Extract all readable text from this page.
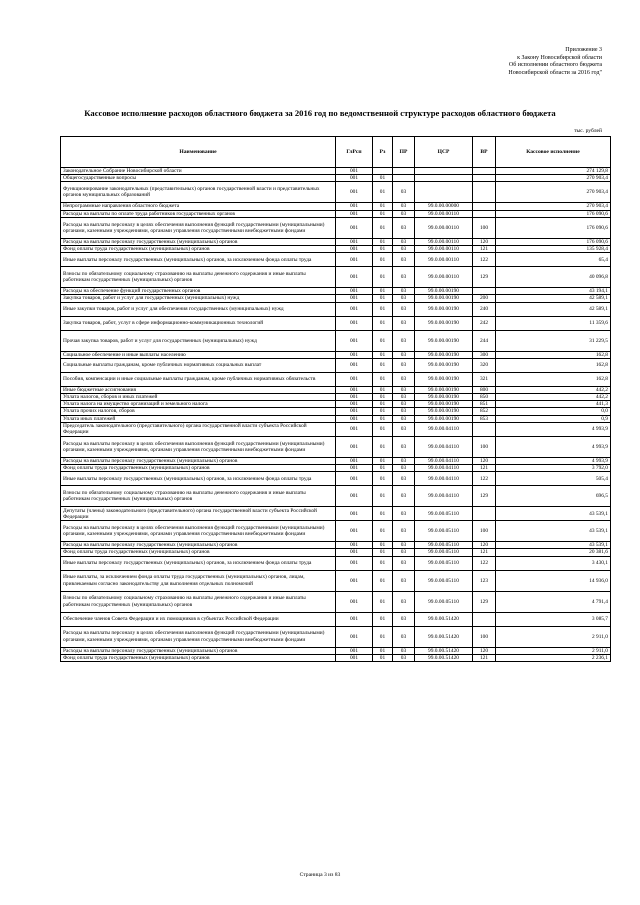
Приложение 3
к Закону Новосибирской области
Об исполнении областного бюджета
Новосибирской области за 2016 год"
Кассовое исполнение расходов областного бюджета за 2016 год по ведомственной структуре расходов областного бюджета
тыс. рублей
Наименование	ГлРсп	Рз	ПР	ЦСР	ВР	Кассовое исполнение
Законодательное Собрание Новосибирской области	001					274 129,8
Общегосударственные вопросы	001	01				270 903,4
Функционирование законодательных (представительных) органов государственной власти и представительных органов муниципальных образований	001	01	03			270 903,4
Непрограммные направления областного бюджета	001	01	03	99.0.00.00000		270 903,4
Расходы на выплаты по оплате труда работников государственных органов	001	01	03	99.0.00.00110		176 090,6
Расходы на выплаты персоналу в целях обеспечения выполнения функций государственными (муниципальными) органами, казенными учреждениями, органами управления государственными внебюджетными фондами	001	01	03	99.0.00.00110	100	176 090,6
Расходы на выплаты персоналу государственных (муниципальных) органов	001	01	03	99.0.00.00110	120	176 090,6
Фонд оплаты труда государственных (муниципальных) органов	001	01	03	99.0.00.00110	121	135 928,4
Иные выплаты персоналу государственных (муниципальных) органов, за исключением фонда оплаты труда	001	01	03	99.0.00.00110	122	65,4
Взносы по обязательному социальному страхованию на выплаты денежного содержания и иные выплаты работникам государственных (муниципальных) органов	001	01	03	99.0.00.00110	129	40 096,8
Расходы на обеспечение функций государственных органов	001	01	03	99.0.00.00190		43 194,1
Закупка товаров, работ и услуг для государственных (муниципальных) нужд	001	01	03	99.0.00.00190	200	42 589,1
Иные закупки товаров, работ и услуг для обеспечения государственных (муниципальных) нужд	001	01	03	99.0.00.00190	240	42 589,1
Закупка товаров, работ, услуг в сфере информационно-коммуникационных технологий	001	01	03	99.0.00.00190	242	11 359,6
Прочая закупка товаров, работ и услуг для государственных (муниципальных) нужд	001	01	03	99.0.00.00190	244	31 229,5
Социальное обеспечение и иные выплаты населению	001	01	03	99.0.00.00190	300	162,8
Социальные выплаты гражданам, кроме публичных нормативных социальных выплат	001	01	03	99.0.00.00190	320	162,8
Пособия, компенсации и иные социальные выплаты гражданам, кроме публичных нормативных обязательств	001	01	03	99.0.00.00190	321	162,8
Иные бюджетные ассигнования	001	01	03	99.0.00.00190	800	442,2
Уплата налогов, сборов и иных платежей	001	01	03	99.0.00.00190	850	442,2
Уплата налога на имущество организаций и земельного налога	001	01	03	99.0.00.00190	851	441,3
Уплата прочих налогов, сборов	001	01	03	99.0.00.00190	852	0,0
Уплата иных платежей	001	01	03	99.0.00.00190	853	0,9
Председатель законодательного (представительного) органа государственной власти субъекта Российской Федерации	001	01	03	99.0.00.04110		4 993,9
Расходы на выплаты персоналу в целях обеспечения выполнения функций государственными (муниципальными) органами, казенными учреждениями, органами управления государственными внебюджетными фондами	001	01	03	99.0.00.04110	100	4 993,9
Расходы на выплаты персоналу государственных (муниципальных) органов	001	01	03	99.0.00.04110	120	4 993,9
Фонд оплаты труда государственных (муниципальных) органов	001	01	03	99.0.00.04110	121	3 792,0
Иные выплаты персоналу государственных (муниципальных) органов, за исключением фонда оплаты труда	001	01	03	99.0.00.04110	122	505,4
Взносы по обязательному социальному страхованию на выплаты денежного содержания и иные выплаты работникам государственных (муниципальных) органов	001	01	03	99.0.00.04110	129	696,5
Депутаты (члены) законодательного (представительного) органа государственной власти субъекта Российской Федерации	001	01	03	99.0.00.05110		43 539,1
Расходы на выплаты персоналу в целях обеспечения выполнения функций государственными (муниципальными) органами, казенными учреждениями, органами управления государственными внебюджетными фондами	001	01	03	99.0.00.05110	100	43 539,1
Расходы на выплаты персоналу государственных (муниципальных) органов	001	01	03	99.0.00.05110	120	43 539,1
Фонд оплаты труда государственных (муниципальных) органов	001	01	03	99.0.00.05110	121	20 381,6
Иные выплаты персоналу государственных (муниципальных) органов, за исключением фонда оплаты труда	001	01	03	99.0.00.05110	122	3 430,1
Иные выплаты, за исключением фонда оплаты труда государственных (муниципальных) органов, лицам, привлекаемым согласно законодательству для выполнения отдельных полномочий	001	01	03	99.0.00.05110	123	14 936,0
Взносы по обязательному социальному страхованию на выплаты денежного содержания и иные выплаты работникам государственных (муниципальных) органов	001	01	03	99.0.00.05110	129	4 791,4
Обеспечение членов Совета Федерации и их помощников в субъектах Российской Федерации	001	01	03	99.0.00.51420		3 085,7
Расходы на выплаты персоналу в целях обеспечения выполнения функций государственными (муниципальными) органами, казенными учреждениями, органами управления государственными внебюджетными фондами	001	01	03	99.0.00.51420	100	2 911,0
Расходы на выплаты персоналу государственных (муниципальных) органов	001	01	03	99.0.00.51420	120	2 911,0
Фонд оплаты труда государственных (муниципальных) органов	001	01	03	99.0.00.51420	121	2 236,1
Страница 3 из 83
